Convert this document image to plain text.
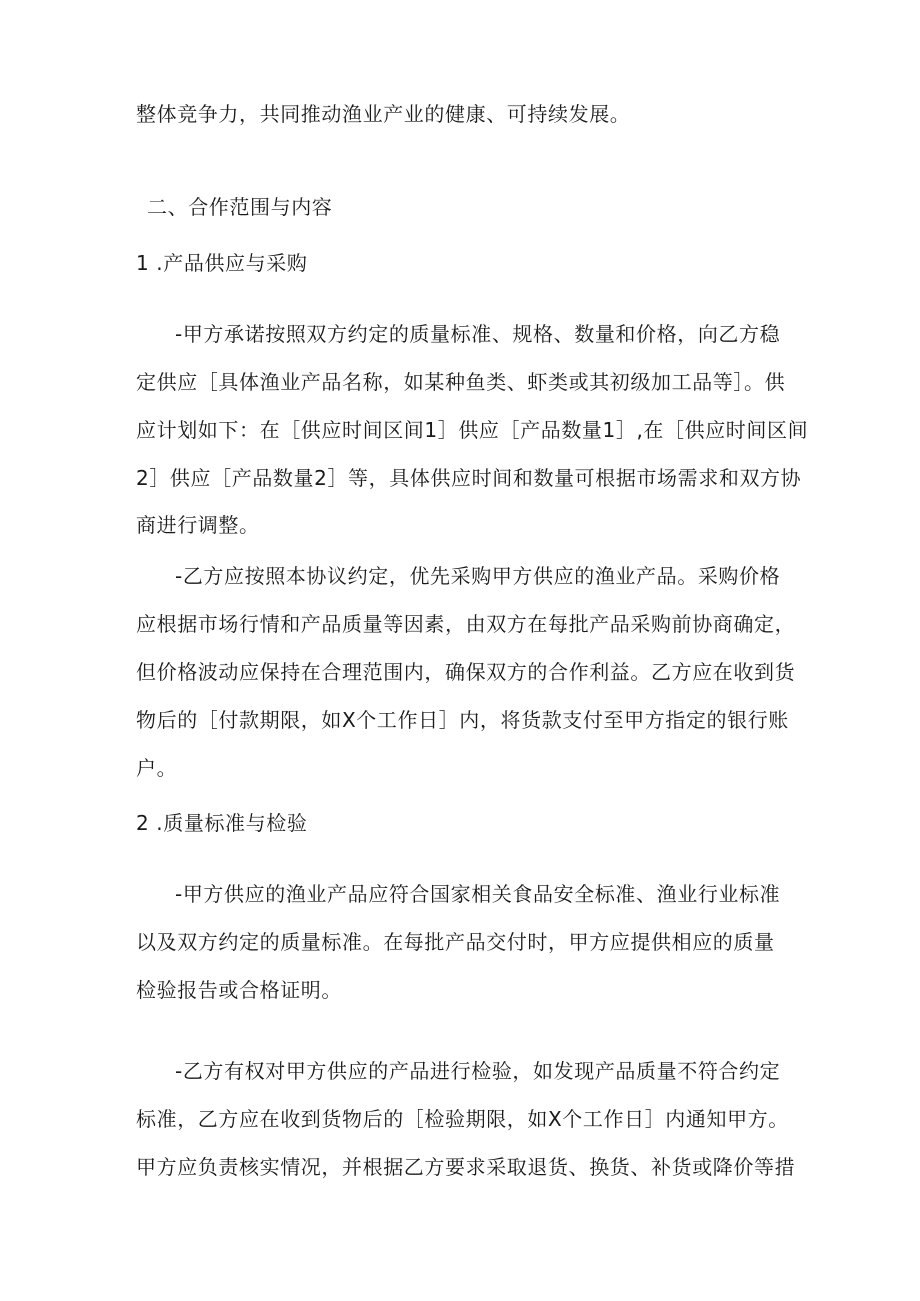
整体竞争力，共同推动渔业产业的健康、可持续发展。
二、合作范围与内容
1 .产品供应与采购
-甲方承诺按照双方约定的质量标准、规格、数量和价格，向乙方稳
定供应［具体渔业产品名称，如某种鱼类、虾类或其初级加工品等］。供
应计划如下：在［供应时间区间1］供应［产品数量1］,在［供应时间区间
2］供应［产品数量2］等，具体供应时间和数量可根据市场需求和双方协
商进行调整。
-乙方应按照本协议约定，优先采购甲方供应的渔业产品。采购价格
应根据市场行情和产品质量等因素，由双方在每批产品采购前协商确定，
但价格波动应保持在合理范围内，确保双方的合作利益。乙方应在收到货
物后的［付款期限，如X个工作日］内，将货款支付至甲方指定的银行账
户。
2 .质量标准与检验
-甲方供应的渔业产品应符合国家相关食品安全标准、渔业行业标准
以及双方约定的质量标准。在每批产品交付时，甲方应提供相应的质量
检验报告或合格证明。
-乙方有权对甲方供应的产品进行检验，如发现产品质量不符合约定
标准，乙方应在收到货物后的［检验期限，如X个工作日］内通知甲方。
甲方应负责核实情况，并根据乙方要求采取退货、换货、补货或降价等措
